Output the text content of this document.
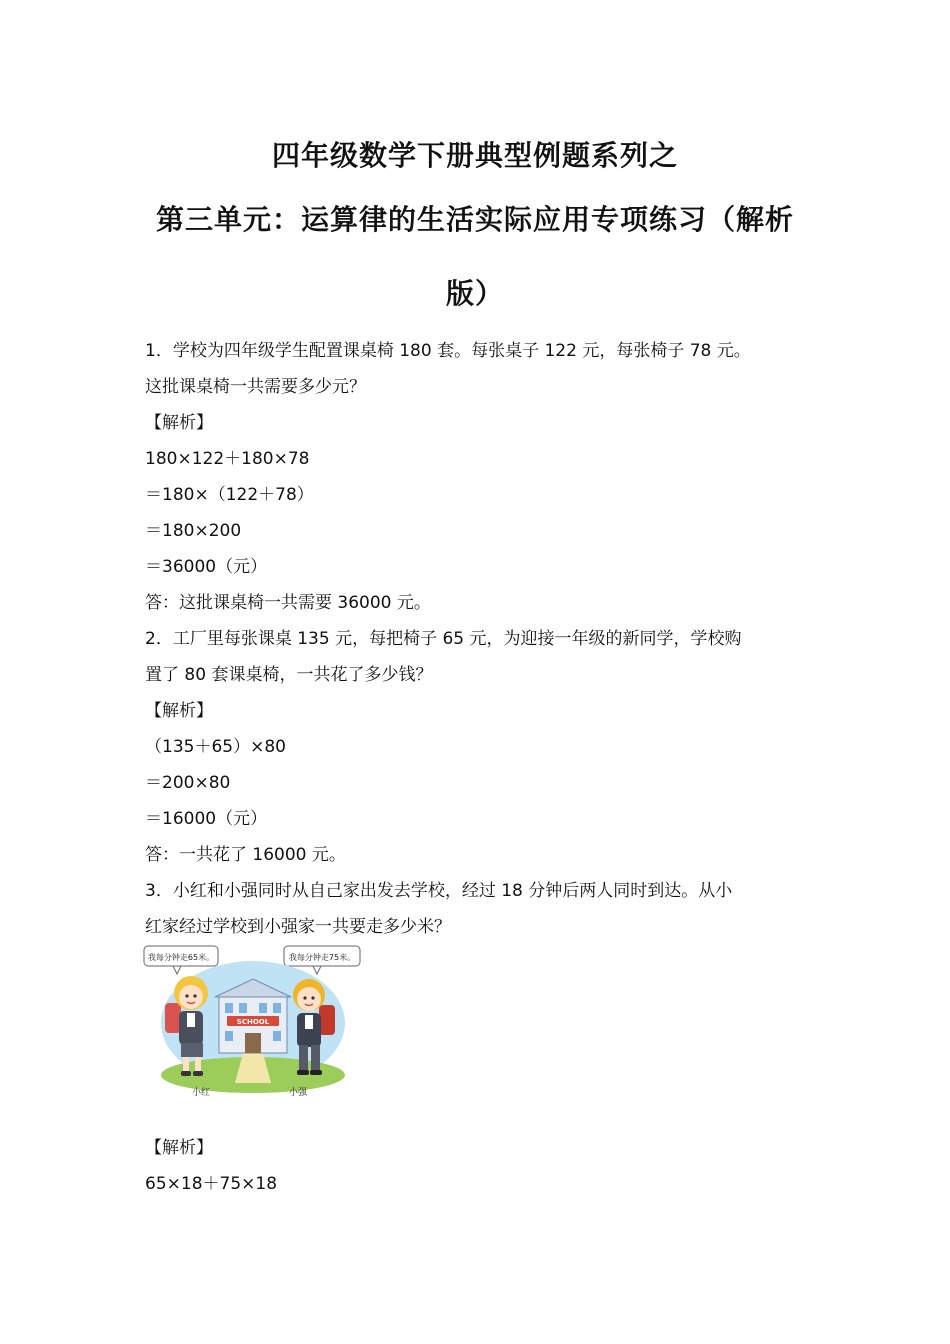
四年级数学下册典型例题系列之
第三单元：运算律的生活实际应用专项练习（解析
版）
1．学校为四年级学生配置课桌椅 180 套。每张桌子 122 元，每张椅子 78 元。
这批课桌椅一共需要多少元？
【解析】
180×122＋180×78
＝180×（122＋78）
＝180×200
＝36000（元）
答：这批课桌椅一共需要 36000 元。
2．工厂里每张课桌 135 元，每把椅子 65 元，为迎接一年级的新同学，学校购
置了 80 套课桌椅，一共花了多少钱？
【解析】
（135＋65）×80
＝200×80
＝16000（元）
答：一共花了 16000 元。
3．小红和小强同时从自己家出发去学校，经过 18 分钟后两人同时到达。从小
红家经过学校到小强家一共要走多少米？
我每分钟走65米。	我每分钟走75米。
SCHOOL
小红	小强
【解析】
65×18＋75×18
